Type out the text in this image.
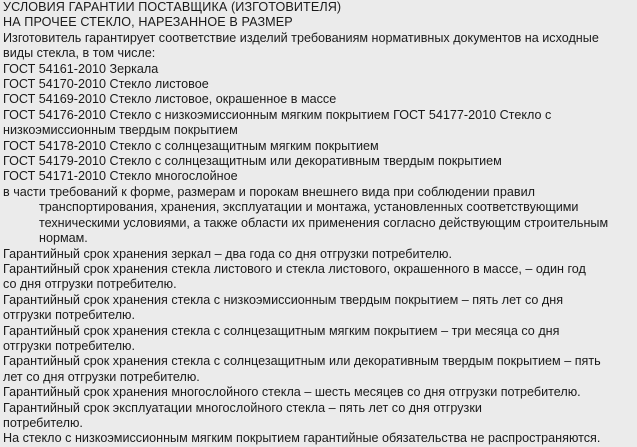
УСЛОВИЯ ГАРАНТИИ ПОСТАВЩИКА (ИЗГОТОВИТЕЛЯ)
НА ПРОЧЕЕ СТЕКЛО, НАРЕЗАННОЕ В РАЗМЕР
Изготовитель гарантирует соответствие изделий требованиям нормативных документов на исходные
виды стекла, в том числе:
ГОСТ 54161-2010 Зеркала
ГОСТ 54170-2010 Стекло листовое
ГОСТ 54169-2010 Стекло листовое, окрашенное в массе
ГОСТ 54176-2010 Стекло с низкоэмиссионным мягким покрытием ГОСТ 54177-2010 Стекло с
низкоэмиссионным твердым покрытием
ГОСТ 54178-2010 Стекло с солнцезащитным мягким покрытием
ГОСТ 54179-2010 Стекло с солнцезащитным или декоративным твердым покрытием
ГОСТ 54171-2010 Стекло многослойное
в части требований к форме, размерам и порокам внешнего вида при соблюдении правил
транспортирования, хранения, эксплуатации и монтажа, установленных соответствующими
техническими условиями, а также области их применения согласно действующим строительным
нормам.
Гарантийный срок хранения зеркал – два года со дня отгрузки потребителю.
Гарантийный срок хранения стекла листового и стекла листового, окрашенного в массе, – один год
со дня отгрузки потребителю.
Гарантийный срок хранения стекла с низкоэмиссионным твердым покрытием – пять лет со дня
отгрузки потребителю.
Гарантийный срок хранения стекла с солнцезащитным мягким покрытием – три месяца со дня
отгрузки потребителю.
Гарантийный срок хранения стекла с солнцезащитным или декоративным твердым покрытием – пять
лет со дня отгрузки потребителю.
Гарантийный срок хранения многослойного стекла – шесть месяцев со дня отгрузки потребителю.
Гарантийный срок эксплуатации многослойного стекла – пять лет со дня отгрузки
потребителю.
На стекло с низкоэмиссионным мягким покрытием гарантийные обязательства не распространяются.
